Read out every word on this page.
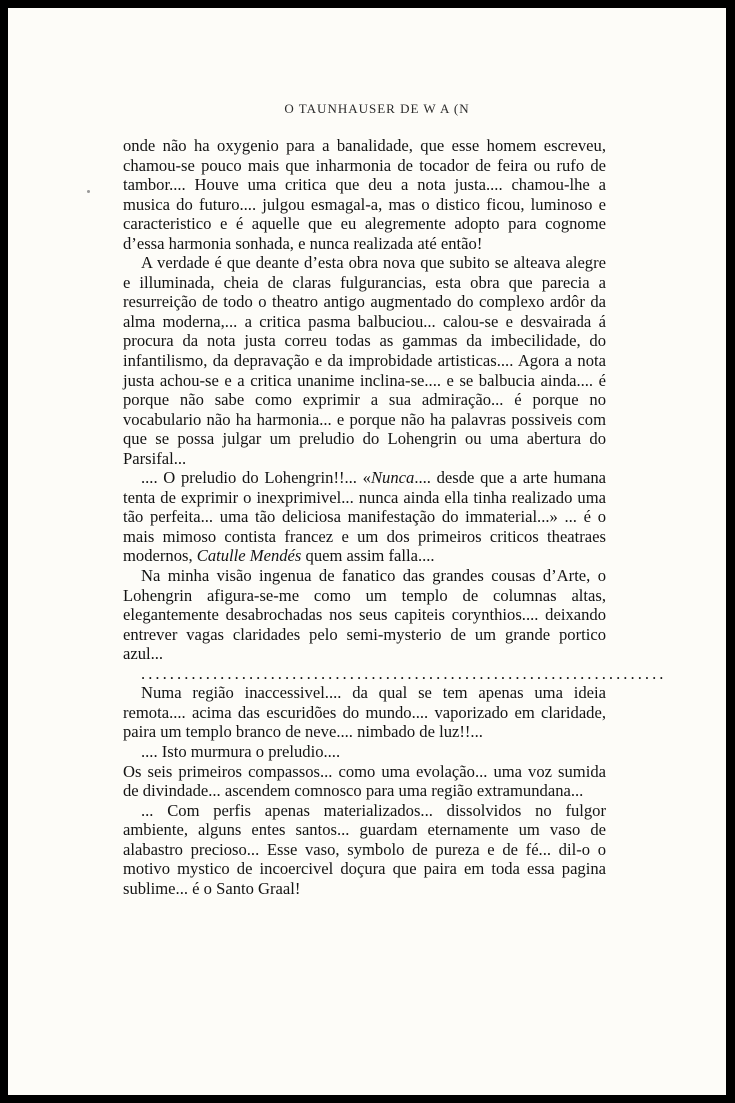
O TAUNHAUSER DE W A (N

onde não ha oxygenio para a banalidade, que esse homem escreveu, chamou-se pouco mais que inharmonia de tocador de feira ou rufo de tambor.... Houve uma critica que deu a nota justa.... chamou-lhe a musica do futuro.... julgou esmagal-a, mas o distico ficou, luminoso e caracteristico e é aquelle que eu alegremente adopto para cognome d’essa harmonia sonhada, e nunca realizada até então!

A verdade é que deante d’esta obra nova que subito se alteava alegre e illuminada, cheia de claras fulgurancias, esta obra que parecia a resurreição de todo o theatro antigo augmentado do complexo ardôr da alma moderna,... a critica pasma balbuciou... calou-se e desvairada á procura da nota justa correu todas as gammas da imbecilidade, do infantilismo, da depravação e da improbidade artisticas.... Agora a nota justa achou-se e a critica unanime inclina-se.... e se balbucia ainda.... é porque não sabe como exprimir a sua admiração... é porque no vocabulario não ha harmonia... e porque não ha palavras possiveis com que se possa julgar um preludio do Lohengrin ou uma abertura do Parsifal...

.... O preludio do Lohengrin!!... «Nunca.... desde que a arte humana tenta de exprimir o inexprimivel... nunca ainda ella tinha realizado uma tão perfeita... uma tão deliciosa manifestação do immaterial...» ... é o mais mimoso contista francez e um dos primeiros criticos theatraes modernos, Catulle Mendés quem assim falla....

Na minha visão ingenua de fanatico das grandes cousas d’Arte, o Lohengrin afigura-se-me como um templo de columnas altas, elegantemente desabrochadas nos seus capiteis corynthios.... deixando entrever vagas claridades pelo semi-mysterio de um grande portico azul...

.........................................................................

Numa região inaccessivel.... da qual se tem apenas uma ideia remota.... acima das escuridões do mundo.... vaporizado em claridade, paira um templo branco de neve.... nimbado de luz!!...

.... Isto murmura o preludio....

Os seis primeiros compassos... como uma evolação... uma voz sumida de divindade... ascendem comnosco para uma região extramundana...

... Com perfis apenas materializados... dissolvidos no fulgor ambiente, alguns entes santos... guardam eternamente um vaso de alabastro precioso... Esse vaso, symbolo de pureza e de fé... dil-o o motivo mystico de incoercivel doçura que paira em toda essa pagina sublime... é o Santo Graal!
